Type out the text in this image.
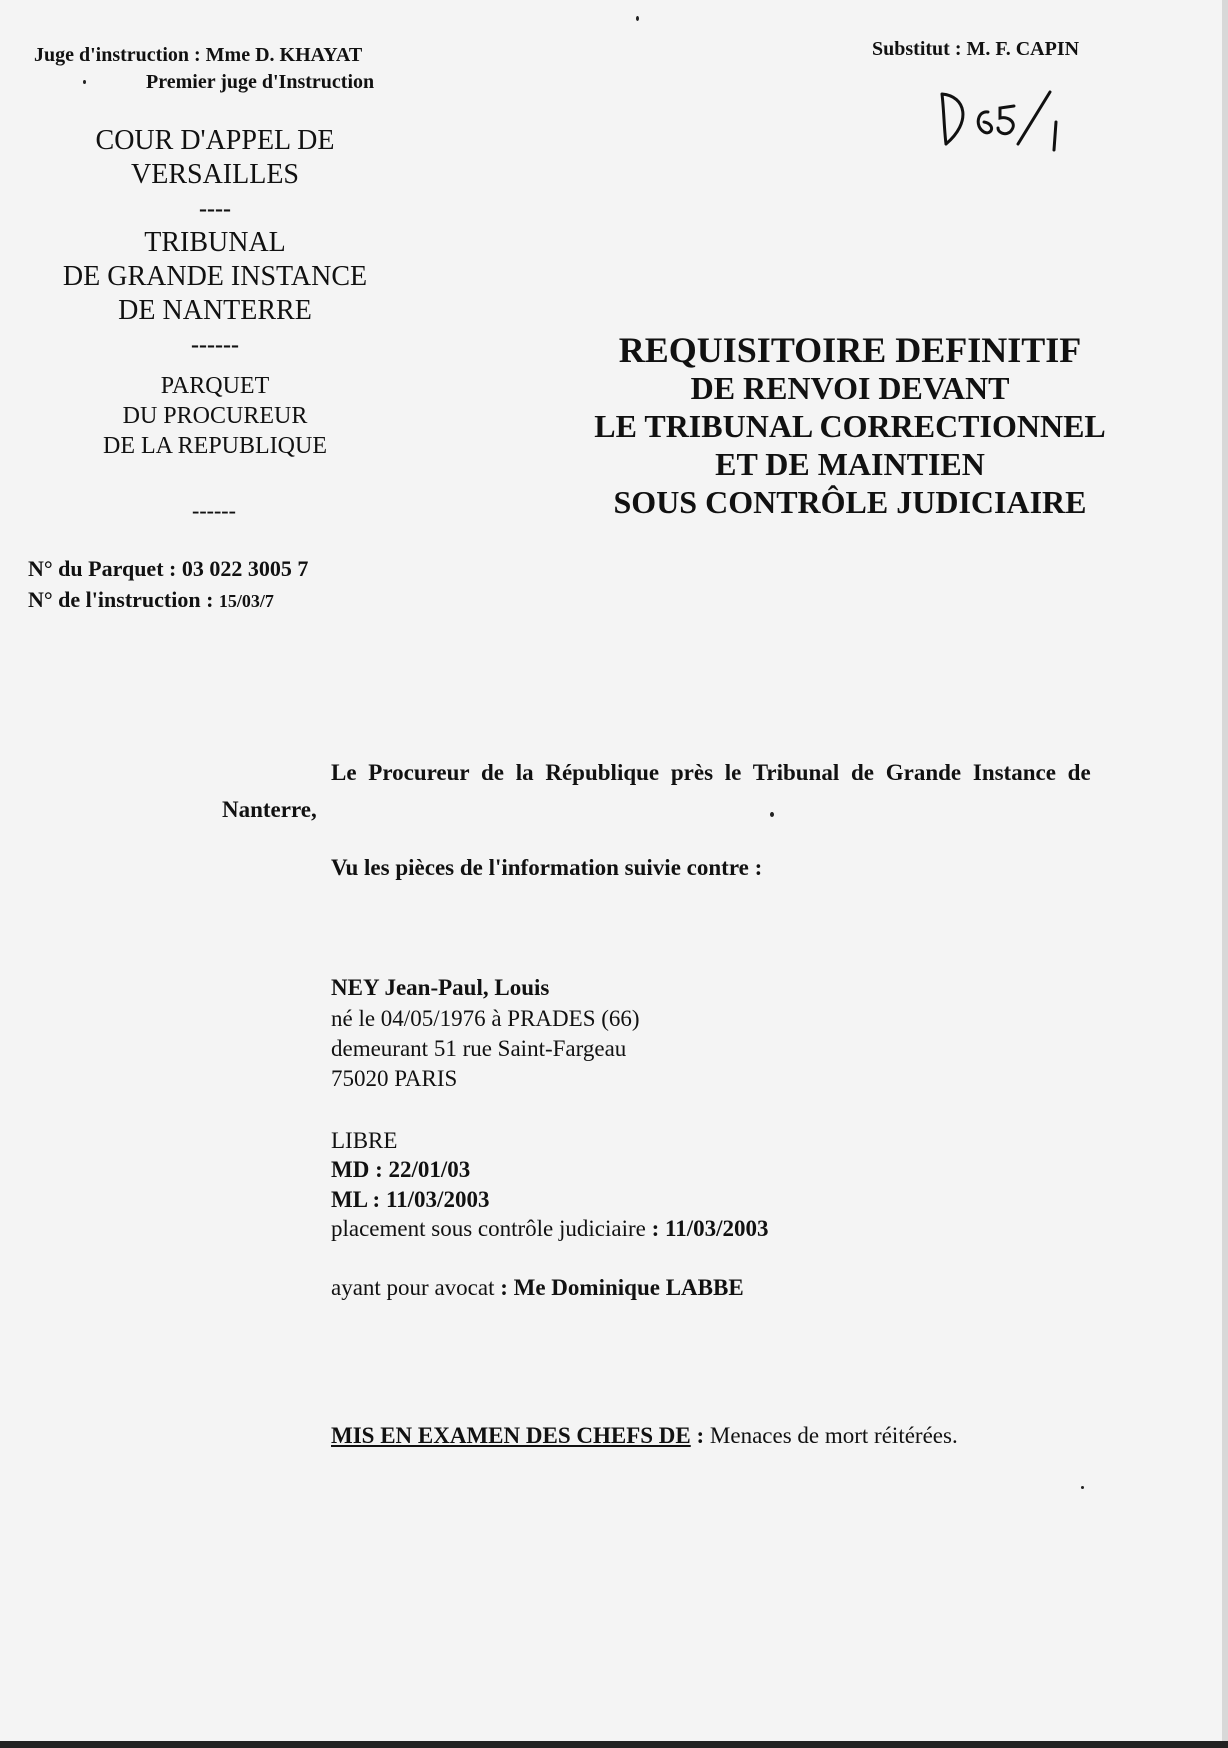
Juge d'instruction : Mme D. KHAYAT
Premier juge d'Instruction
Substitut : M. F. CAPIN
COUR D'APPEL DE
VERSAILLES
----
TRIBUNAL
DE GRANDE INSTANCE
DE NANTERRE
------
PARQUET
DU PROCUREUR
DE LA REPUBLIQUE
------
N° du Parquet : 03 022 3005 7
N° de l'instruction : 15/03/7
REQUISITOIRE DEFINITIF
DE RENVOI DEVANT
LE TRIBUNAL CORRECTIONNEL
ET DE MAINTIEN
SOUS CONTRÔLE JUDICIAIRE
Le Procureur de la République près le Tribunal de Grande Instance de
Nanterre,
Vu les pièces de l'information suivie contre :
NEY Jean-Paul, Louis
né le 04/05/1976 à PRADES (66)
demeurant 51 rue Saint-Fargeau
75020 PARIS
LIBRE
MD : 22/01/03
ML : 11/03/2003
placement sous contrôle judiciaire : 11/03/2003
ayant pour avocat : Me Dominique LABBE
MIS EN EXAMEN DES CHEFS DE : Menaces de mort réitérées.
